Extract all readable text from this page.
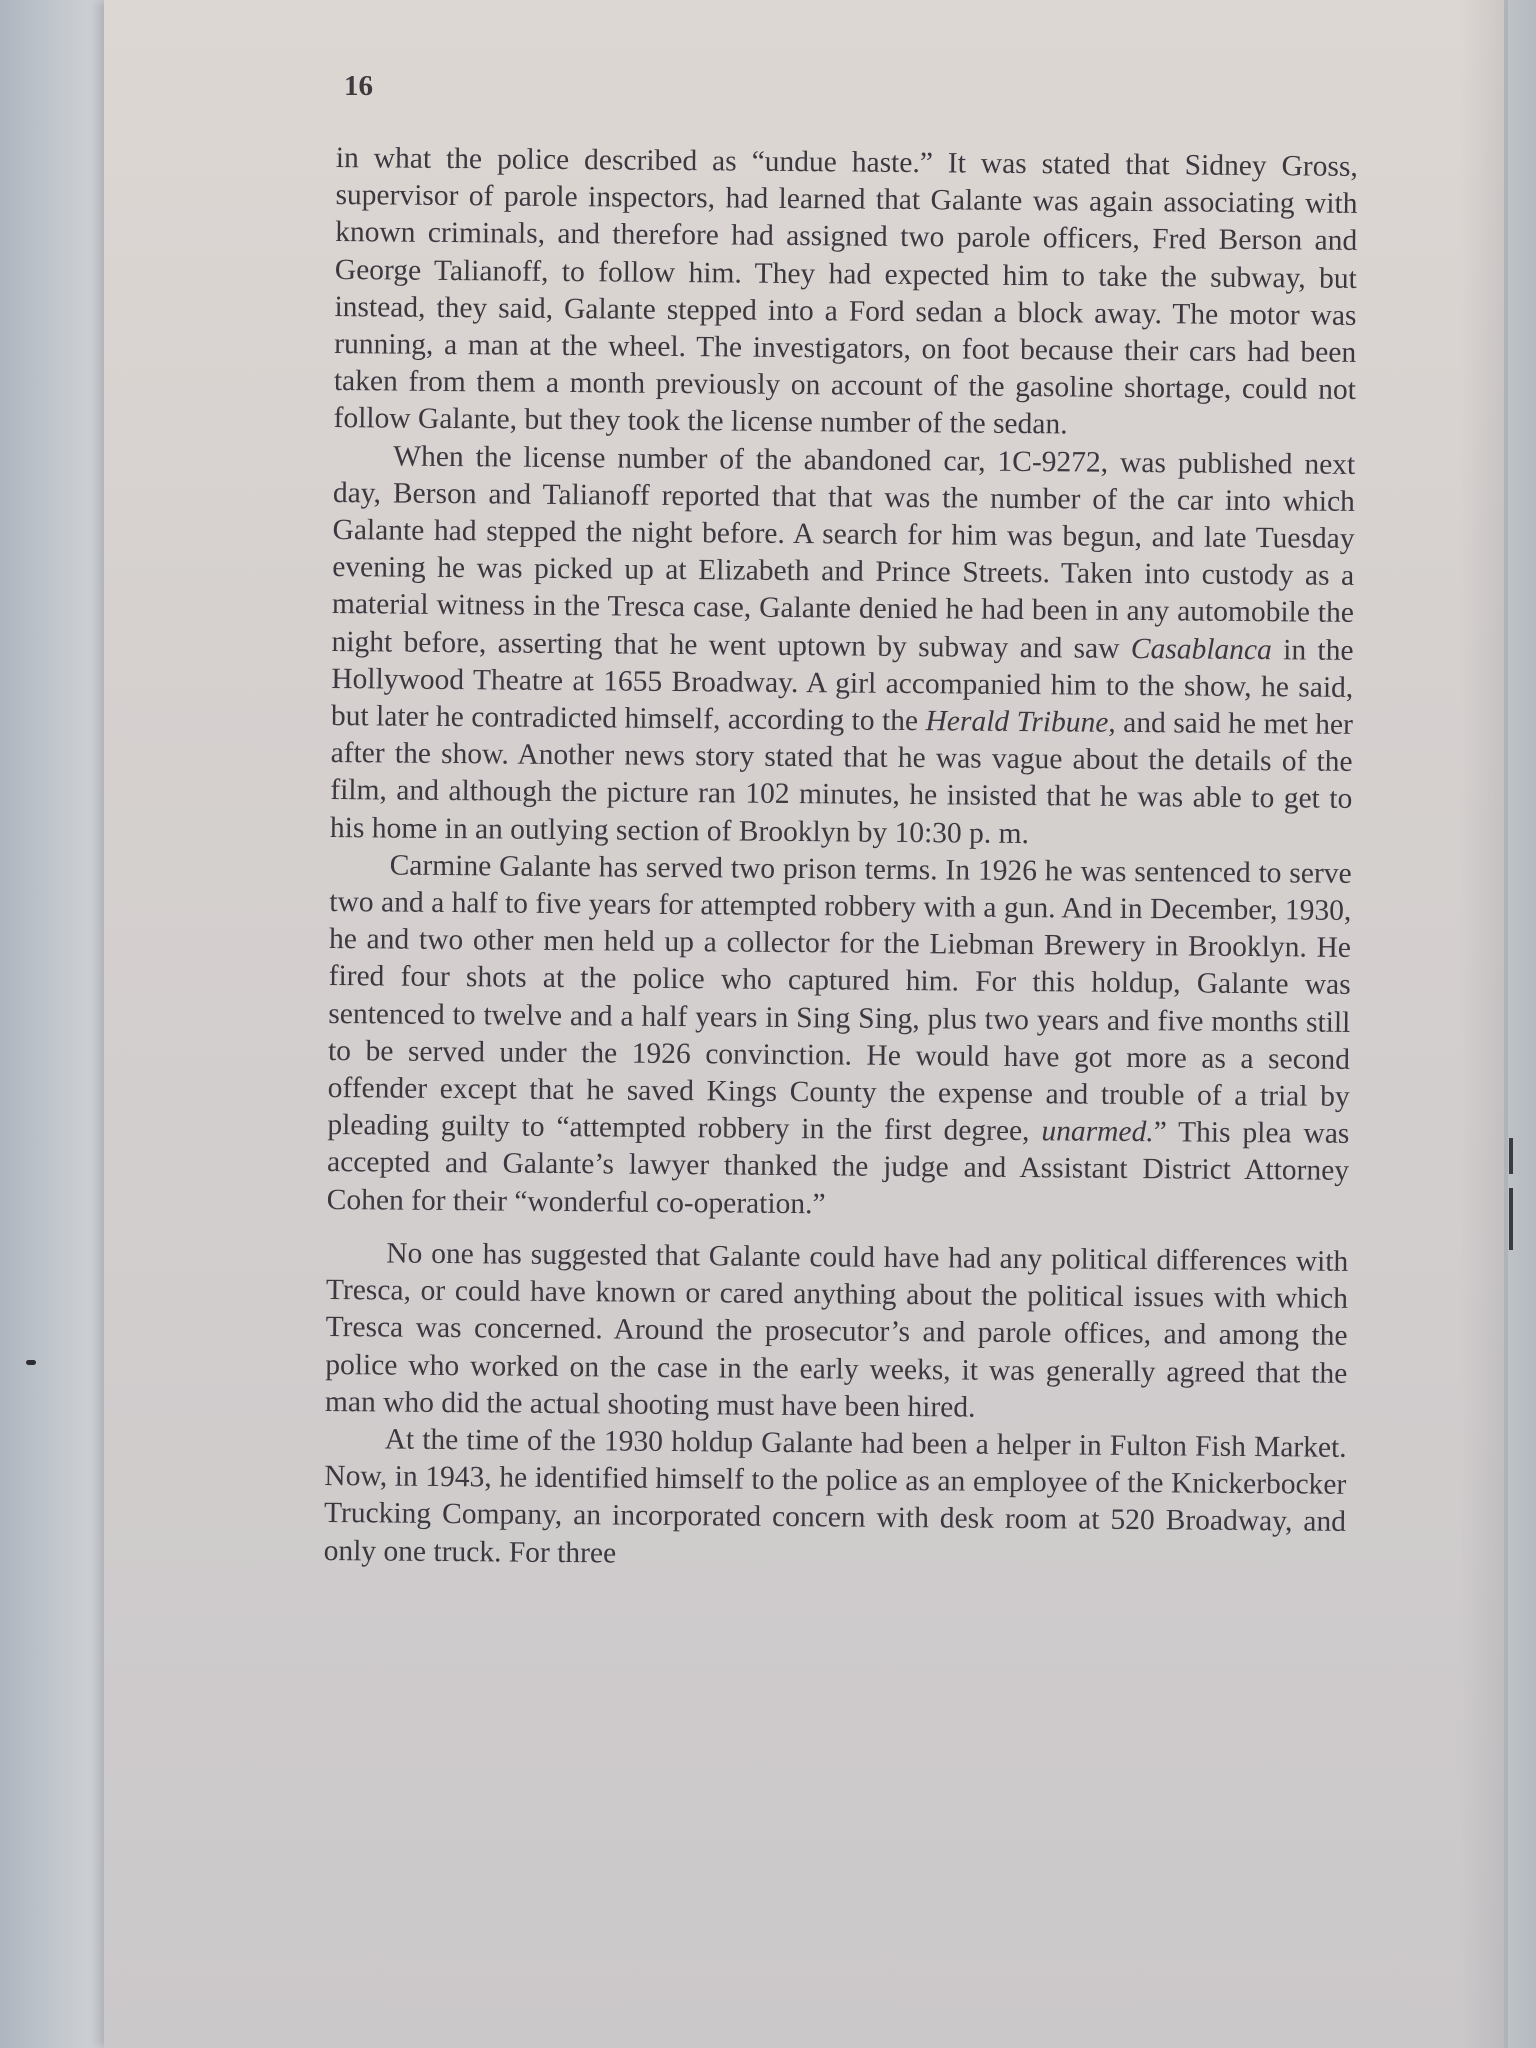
16

in what the police described as “undue haste.” It was stated that Sidney Gross, supervisor of parole inspectors, had learned that Galante was again associating with known criminals, and therefore had assigned two parole officers, Fred Berson and George Talianoff, to follow him. They had expected him to take the subway, but instead, they said, Galante stepped into a Ford sedan a block away. The motor was running, a man at the wheel. The investigators, on foot because their cars had been taken from them a month previously on account of the gasoline shortage, could not follow Galante, but they took the license number of the sedan.

When the license number of the abandoned car, 1C-9272, was published next day, Berson and Talianoff reported that that was the number of the car into which Galante had stepped the night before. A search for him was begun, and late Tuesday evening he was picked up at Elizabeth and Prince Streets. Taken into custody as a material witness in the Tresca case, Galante denied he had been in any automobile the night before, asserting that he went uptown by subway and saw Casablanca in the Hollywood Theatre at 1655 Broadway. A girl accompanied him to the show, he said, but later he contradicted himself, according to the Herald Tribune, and said he met her after the show. Another news story stated that he was vague about the details of the film, and although the picture ran 102 minutes, he insisted that he was able to get to his home in an outlying section of Brooklyn by 10:30 p. m.

Carmine Galante has served two prison terms. In 1926 he was sentenced to serve two and a half to five years for attempted robbery with a gun. And in December, 1930, he and two other men held up a collector for the Liebman Brewery in Brooklyn. He fired four shots at the police who captured him. For this holdup, Galante was sentenced to twelve and a half years in Sing Sing, plus two years and five months still to be served under the 1926 convinction. He would have got more as a second offender except that he saved Kings County the expense and trouble of a trial by pleading guilty to “attempted robbery in the first degree, unarmed.” This plea was accepted and Galante’s lawyer thanked the judge and Assistant District Attorney Cohen for their “wonderful co-operation.”

No one has suggested that Galante could have had any political differences with Tresca, or could have known or cared anything about the political issues with which Tresca was concerned. Around the prosecutor’s and parole offices, and among the police who worked on the case in the early weeks, it was generally agreed that the man who did the actual shooting must have been hired.

At the time of the 1930 holdup Galante had been a helper in Fulton Fish Market. Now, in 1943, he identified himself to the police as an employee of the Knickerbocker Trucking Company, an incorporated concern with desk room at 520 Broadway, and only one truck. For three
